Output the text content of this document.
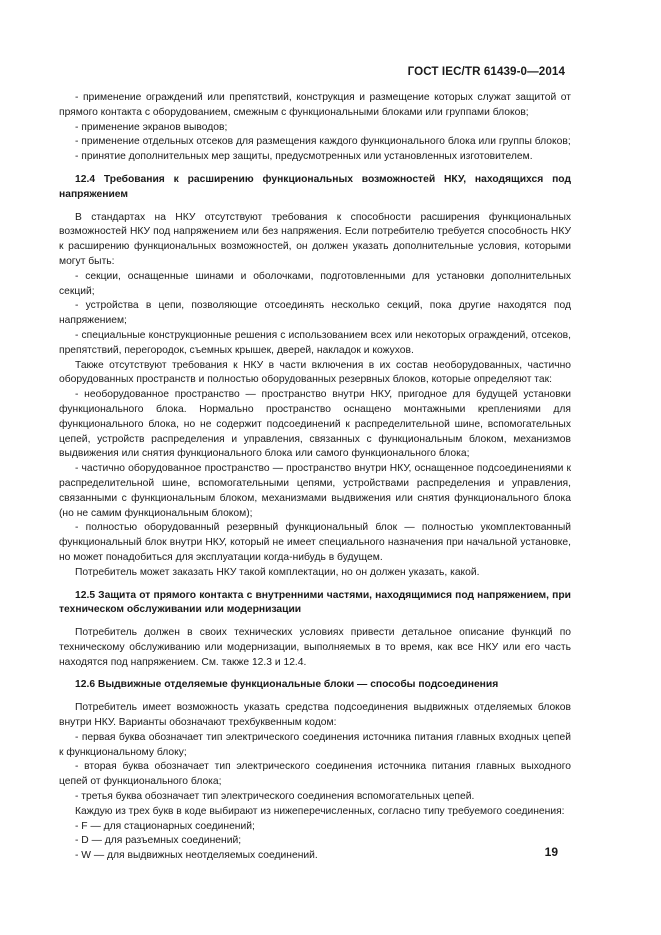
ГОСТ IEC/TR 61439-0—2014

- применение ограждений или препятствий, конструкция и размещение которых служат защитой от прямого контакта с оборудованием, смежным с функциональными блоками или группами блоков;

- применение экранов выводов;

- применение отдельных отсеков для размещения каждого функционального блока или группы блоков;

- принятие дополнительных мер защиты, предусмотренных или установленных изготовителем.

12.4 Требования к расширению функциональных возможностей НКУ, находящихся под напряжением

В стандартах на НКУ отсутствуют требования к способности расширения функциональных возможностей НКУ под напряжением или без напряжения. Если потребителю требуется способность НКУ к расширению функциональных возможностей, он должен указать дополнительные условия, которыми могут быть:

- секции, оснащенные шинами и оболочками, подготовленными для установки дополнительных секций;

- устройства в цепи, позволяющие отсоединять несколько секций, пока другие находятся под напряжением;

- специальные конструкционные решения с использованием всех или некоторых ограждений, отсеков, препятствий, перегородок, съемных крышек, дверей, накладок и кожухов.

Также отсутствуют требования к НКУ в части включения в их состав необорудованных, частично оборудованных пространств и полностью оборудованных резервных блоков, которые определяют так:

- необорудованное пространство — пространство внутри НКУ, пригодное для будущей установки функционального блока. Нормально пространство оснащено монтажными креплениями для функционального блока, но не содержит подсоединений к распределительной шине, вспомогательных цепей, устройств распределения и управления, связанных с функциональным блоком, механизмов выдвижения или снятия функционального блока или самого функционального блока;

- частично оборудованное пространство — пространство внутри НКУ, оснащенное подсоединениями к распределительной шине, вспомогательными цепями, устройствами распределения и управления, связанными с функциональным блоком, механизмами выдвижения или снятия функционального блока (но не самим функциональным блоком);

- полностью оборудованный резервный функциональный блок — полностью укомплектованный функциональный блок внутри НКУ, который не имеет специального назначения при начальной установке, но может понадобиться для эксплуатации когда-нибудь в будущем.

Потребитель может заказать НКУ такой комплектации, но он должен указать, какой.

12.5 Защита от прямого контакта с внутренними частями, находящимися под напряжением, при техническом обслуживании или модернизации

Потребитель должен в своих технических условиях привести детальное описание функций по техническому обслуживанию или модернизации, выполняемых в то время, как все НКУ или его часть находятся под напряжением. См. также 12.3 и 12.4.

12.6 Выдвижные отделяемые функциональные блоки — способы подсоединения

Потребитель имеет возможность указать средства подсоединения выдвижных отделяемых блоков внутри НКУ. Варианты обозначают трехбуквенным кодом:

- первая буква обозначает тип электрического соединения источника питания главных входных цепей к функциональному блоку;

- вторая буква обозначает тип электрического соединения источника питания главных выходного цепей от функционального блока;

- третья буква обозначает тип электрического соединения вспомогательных цепей.

Каждую из трех букв в коде выбирают из нижеперечисленных, согласно типу требуемого соединения:

- F — для стационарных соединений;

- D — для разъемных соединений;

- W — для выдвижных неотделяемых соединений.	19
